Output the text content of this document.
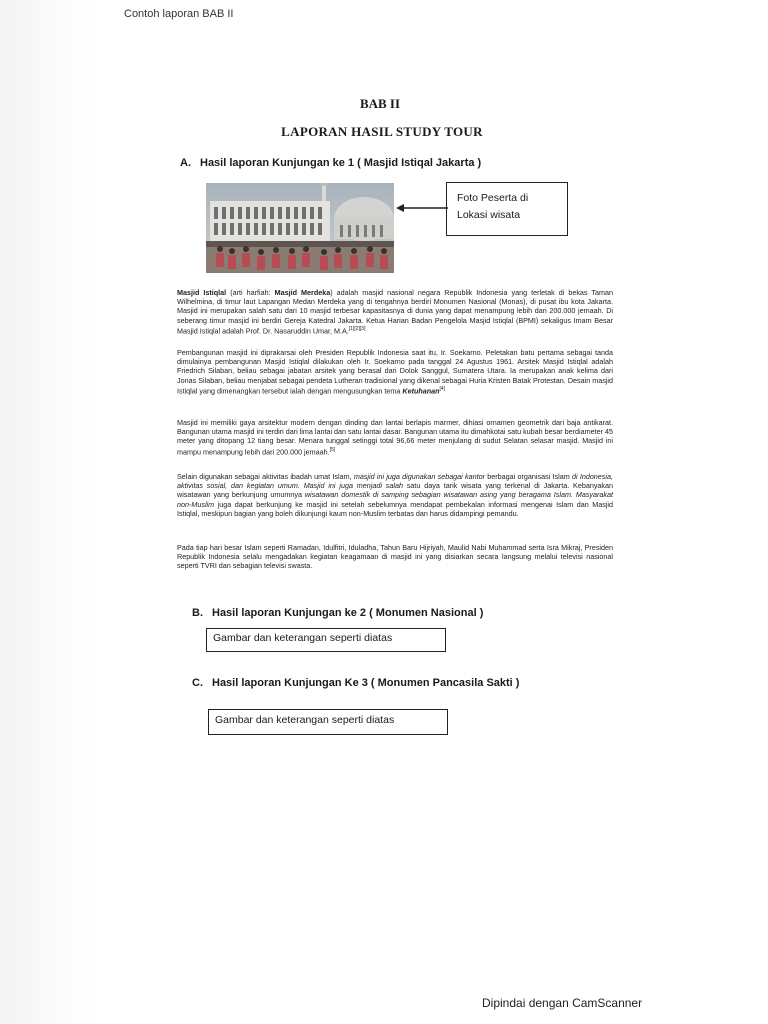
Contoh laporan BAB II
BAB II
LAPORAN HASIL STUDY TOUR
A. Hasil laporan Kunjungan ke 1 ( Masjid Istiqal Jakarta )
Foto Peserta di
Lokasi wisata
Masjid Istiqlal (arti harfiah: Masjid Merdeka) adalah masjid nasional negara Republik Indonesia yang terletak di bekas Taman Wilhelmina, di timur laut Lapangan Medan Merdeka yang di tengahnya berdiri Monumen Nasional (Monas), di pusat ibu kota Jakarta. Masjid ini merupakan salah satu dari 10 masjid terbesar kapasitasnya di dunia yang dapat menampung lebih dari 200.000 jemaah. Di seberang timur masjid ini berdiri Gereja Katedral Jakarta. Ketua Harian Badan Pengelola Masjid Istiqlal (BPMI) sekaligus Imam Besar Masjid Istiqlal adalah Prof. Dr. Nasaruddin Umar, M.A.[1][2][3]
Pembangunan masjid ini diprakarsai oleh Presiden Republik Indonesia saat itu, Ir. Soekarno. Peletakan batu pertama sebagai tanda dimulainya pembangunan Masjid Istiqlal dilakukan oleh Ir. Soekarno pada tanggal 24 Agustus 1961. Arsitek Masjid Istiqlal adalah Friedrich Silaban, beliau sebagai jabatan arsitek yang berasal dari Dolok Sanggul, Sumatera Utara. Ia merupakan anak kelima dari Jonas Silaban, beliau menjabat sebagai pendeta Lutheran tradisional yang dikenal sebagai Huria Kristen Batak Protestan. Desain masjid Istiqlal yang dimenangkan tersebut ialah dengan mengusungkan tema Ketuhanan[4]
Masjid ini memiliki gaya arsitektur modern dengan dinding dan lantai berlapis marmer, dihiasi ornamen geometrik dari baja antikarat. Bangunan utama masjid ini terdiri dari lima lantai dan satu lantai dasar. Bangunan utama itu dimahkotai satu kubah besar berdiameter 45 meter yang ditopang 12 tiang besar. Menara tunggal setinggi total 96,66 meter menjulang di sudut Selatan selasar masjid. Masjid ini mampu menampung lebih dari 200.000 jemaah.[5]
Selain digunakan sebagai aktivitas ibadah umat Islam, masjid ini juga digunakan sebagai kantor berbagai organisasi Islam di Indonesia, aktivitas sosial, dan kegiatan umum. Masjid ini juga menjadi salah satu daya tarik wisata yang terkenal di Jakarta. Kebanyakan wisatawan yang berkunjung umumnya wisatawan domestik di samping sebagian wisatawan asing yang beragama Islam. Masyarakat non-Muslim juga dapat berkunjung ke masjid ini setelah sebelumnya mendapat pembekalan informasi mengenai Islam dan Masjid Istiqlal, meskipun bagian yang boleh dikunjungi kaum non-Muslim terbatas dan harus didampingi pemandu.
Pada tiap hari besar Islam seperti Ramadan, Idulfitri, Iduladha, Tahun Baru Hijriyah, Maulid Nabi Muhammad serta Isra Mikraj, Presiden Republik Indonesia selalu mengadakan kegiatan keagamaan di masjid ini yang disiarkan secara langsung melalui televisi nasional seperti TVRI dan sebagian televisi swasta.
B. Hasil laporan Kunjungan ke 2 ( Monumen Nasional )
Gambar dan keterangan seperti diatas
C. Hasil laporan Kunjungan Ke 3 ( Monumen Pancasila Sakti )
Gambar dan keterangan seperti diatas
Dipindai dengan CamScanner
